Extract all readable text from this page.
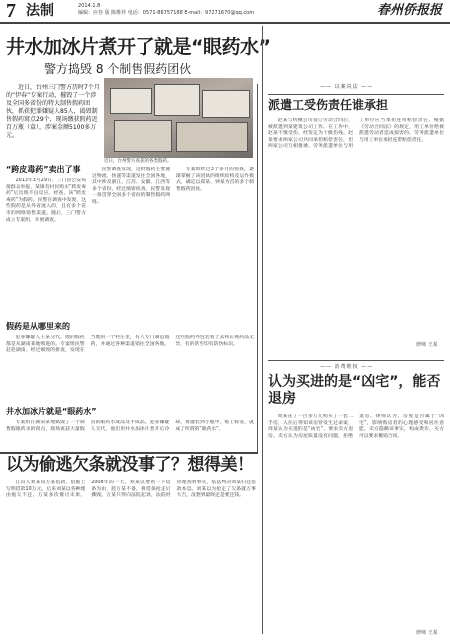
7 法制	2014.1.8
编辑：应谷 版 陈维祥 电话：0571-86757188 E-mail：97271670@qq.com	春州侨报报
井水加冰片煮开了就是“眼药水”
警方捣毁 8 个制售假药团伙
近日，台州三门警方历时7个月的“伊春”专案行动，摧毁了一个涉及全国多省份的特大制售假药团伙，抓获犯罪嫌疑人85人，捣毁制售假药窝点29个，现场缴获假药近百万瓶（盒），涉案金额5100多万元。
近日，台州警方查获的各类假药。
“跨皮毒药”卖出了事

2013年3月29日，三门县公安局接群众举报，某镇有村民购买“跨皮毒药”后出现不良反应。经查，该“跨皮毒药”为假药。民警在调查中发现，这些假药是从外省流入的，且有多个省市的网络销售渠道。随后，三门警方成立专案组，开展调查。

民警调查发现，这批假药主要通过物流、快递等渠道发往全国各地，其中涉及浙江、江苏、安徽、江西等多个省份。经过缜密侦查，民警发现一条贯穿全国多个省份的制售假药网络。

专案组经过3个多月的侦查，逐渐掌握了该团伙的组织结构及运作模式，确定以郑某、钟某为首的多个制售假药团伙。

假药是从哪里来的

犯罪嫌疑人王某交代，他的假药都是从湖南某地购进的。专案组民警赶赴湖南，经过细致的排查，发现在当地的一个村庄里，有人专门制造假药，并通过各种渠道销往全国各地。这些假药外包装看上去和正规药品无异，有的甚至印有防伪标识。

井水加冰片就是“眼药水”

专案组在湖南某地捣毁了一个制售假眼药水的窝点，现场查获大量假冒的眼药水成品及半成品。犯罪嫌疑人交代，他们用井水加冰片煮开后冷却，再灌装到小瓶中，贴上标签，就成了所谓的“眼药水”。

以为偷逃欠条就没事了？想得美！

江山人刘某向万某借款，借据上写明借款10万元。后来刘某以各种理由拖欠不还，万某多次催讨未果。2008年的一天，刘某以要看一下借条为由，趁万某不备，将借条抢走后撕毁。万某只得向法院起诉，法院经审理查明事实，依法判决刘某归还借款本息。刘某以为抢走了欠条就万事大吉，没想到最终还是要还钱。

—— 以案说法 ——
派遣工受伤责任谁承担

赵某与机械公司签订劳动合同后，被派遣到某建筑公司工作。在工作中，赵某不慎受伤，经鉴定为十级伤残。赵某要求两家公司共同承担赔偿责任，但两家公司互相推诿。劳务派遣单位与用工单位应当承担连带赔偿责任。根据《劳动合同法》的规定，用工单位给被派遣劳动者造成损害的，劳务派遣单位与用工单位承担连带赔偿责任。

律师 王某
—— 消费维权 ——
认为买进的是“凶宅”，能否退房

周某花了一百多万元购买了一套二手房，入住后得知该房曾发生过命案，周某认为买进的是“凶宅”，要求卖方退房。卖方认为房屋质量没有问题，拒绝退房。律师认为，房屋是否属于“凶宅”，影响购房者的心理感受和居住意愿，卖方隐瞒该事实，构成欺诈，买方可以要求撤销合同。

律师 王某
